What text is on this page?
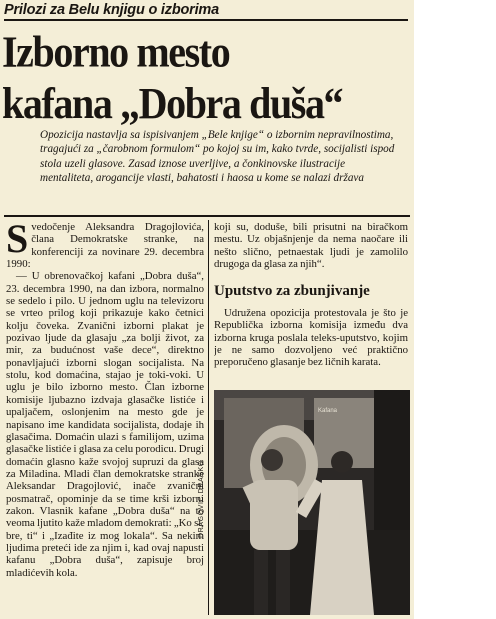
Prilozi za Belu knjigu o izborima
Izborno mesto
kafana „Dobra duša“
Opozicija nastavlja sa ispisivanjem „Bele knjige“ o izbornim nepravilnostima, tragajući za „čarobnom formulom“ po kojoj su im, kako tvrde, socijalisti ispod stola uzeli glasove. Zasad iznose uverljive, a čonkinovske ilustracije mentaliteta, arogancije vlasti, bahatosti i haosa u kome se nalazi država
S vedočenje Aleksandra Dragojlovića, člana Demokratske stranke, na konferenciji za novinare 29. decembra 1990:

— U obrenovačkoj kafani „Dobra duša“, 23. decembra 1990, na dan izbora, normalno se sedelo i pilo. U jednom uglu na televizoru se vrteo prilog koji prikazuje kako četnici kolju čoveka. Zvanični izborni plakat je pozivao ljude da glasaju „za bolji život, za mir, za budućnost vaše dece“, direktno ponavljajući izborni slogan socijalista. Na stolu, kod domaćina, stajao je toki-voki. U uglu je bilo izborno mesto. Član izborne komisije ljubazno izdvaja glasačke listiće i upaljačem, oslonjenim na mesto gde je napisano ime kandidata socijalista, dodaje ih glasačima. Domaćin ulazi s familijom, uzima glasačke listiće i glasa za celu porodicu. Drugi domaćin glasno kaže svojoj supruzi da glasa za Miladina. Mladi član demokratske stranke Aleksandar Dragojlović, inače zvanični posmatrač, opominje da se time krši izborni zakon. Vlasnik kafane „Dobra duša“ na to veoma ljutito kaže mladom demokrati: „Ko si, bre, ti“ i „Izađite iz mog lokala“. Sa nekim ljudima preteći ide za njim i, kad ovaj napusti kafanu „Dobra duša“, zapisuje broj mladićevih kola.

koji su, doduše, bili prisutni na biračkom mestu. Uz objašnjenje da nema naočare ili nešto slično, petnaestak ljudi je zamolilo drugoga da glasa za njih“.
Uputstvo za zbunjivanje
Udružena opozicija protestovala je što je Republička izborna komisija između dva izborna kruga poslala teleks-uputstvo, kojim je ne samo dozvoljeno već praktično preporučeno glasanje bez ličnih karata.
DRAGOVIĆ DRAŠKO
Kafana
